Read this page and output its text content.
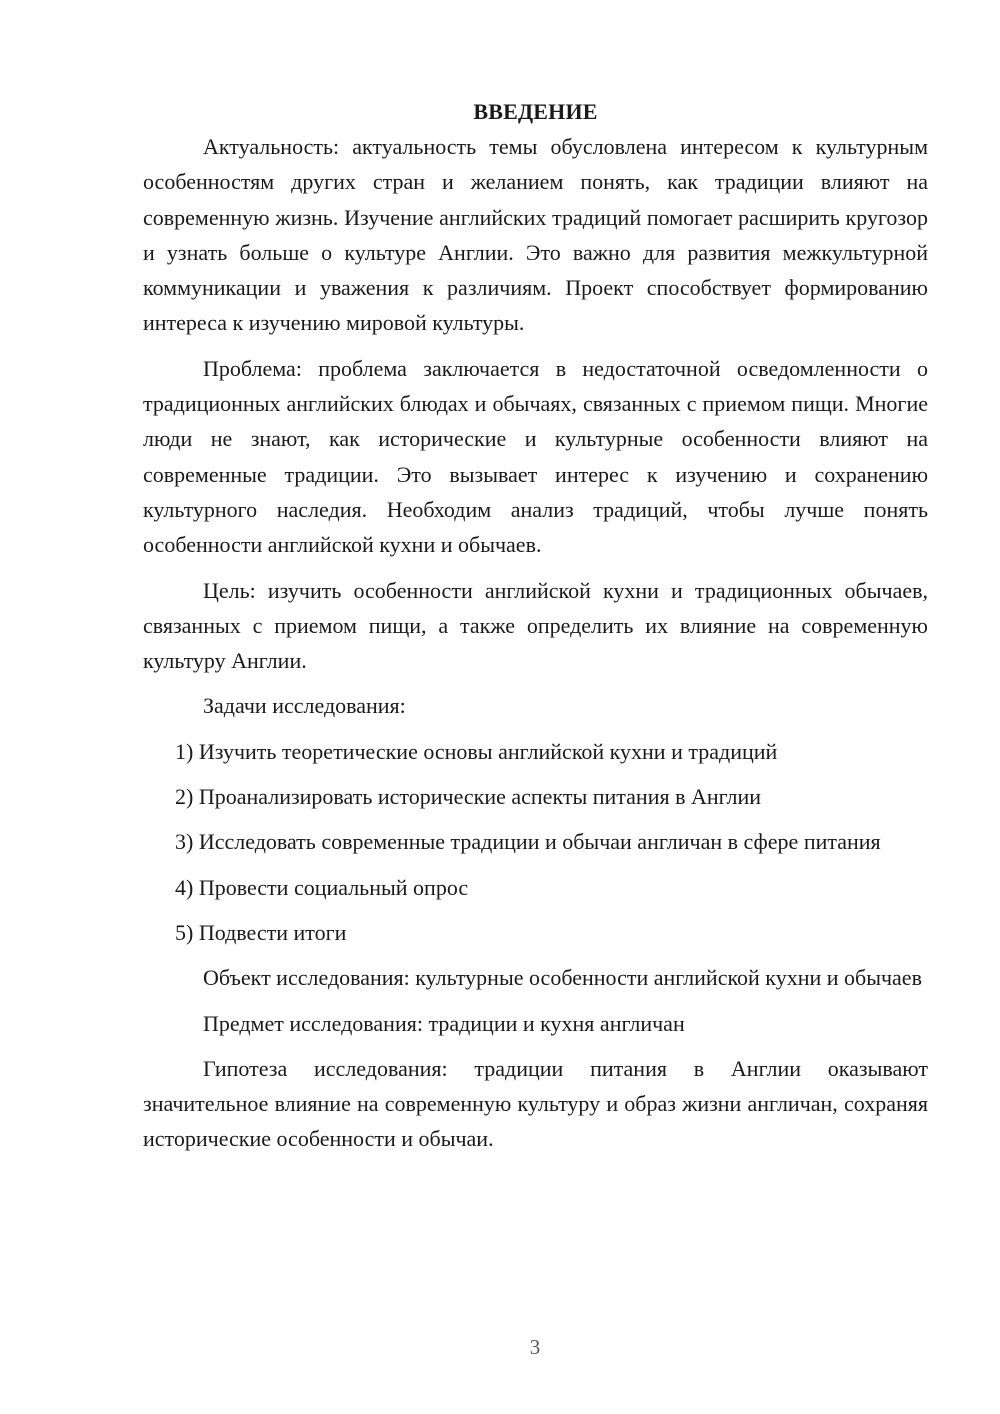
ВВЕДЕНИЕ

Актуальность: актуальность темы обусловлена интересом к культурным особенностям других стран и желанием понять, как традиции влияют на современную жизнь. Изучение английских традиций помогает расширить кругозор и узнать больше о культуре Англии. Это важно для развития межкультурной коммуникации и уважения к различиям. Проект способствует формированию интереса к изучению мировой культуры.

Проблема: проблема заключается в недостаточной осведомленности о традиционных английских блюдах и обычаях, связанных с приемом пищи. Многие люди не знают, как исторические и культурные особенности влияют на современные традиции. Это вызывает интерес к изучению и сохранению культурного наследия. Необходим анализ традиций, чтобы лучше понять особенности английской кухни и обычаев.

Цель: изучить особенности английской кухни и традиционных обычаев, связанных с приемом пищи, а также определить их влияние на современную культуру Англии.

Задачи исследования:

1) Изучить теоретические основы английской кухни и традиций

2) Проанализировать исторические аспекты питания в Англии

3) Исследовать современные традиции и обычаи англичан в сфере питания

4) Провести социальный опрос

5) Подвести итоги

Объект исследования: культурные особенности английской кухни и обычаев

Предмет исследования: традиции и кухня англичан

Гипотеза исследования: традиции питания в Англии оказывают значительное влияние на современную культуру и образ жизни англичан, сохраняя исторические особенности и обычаи.

3
